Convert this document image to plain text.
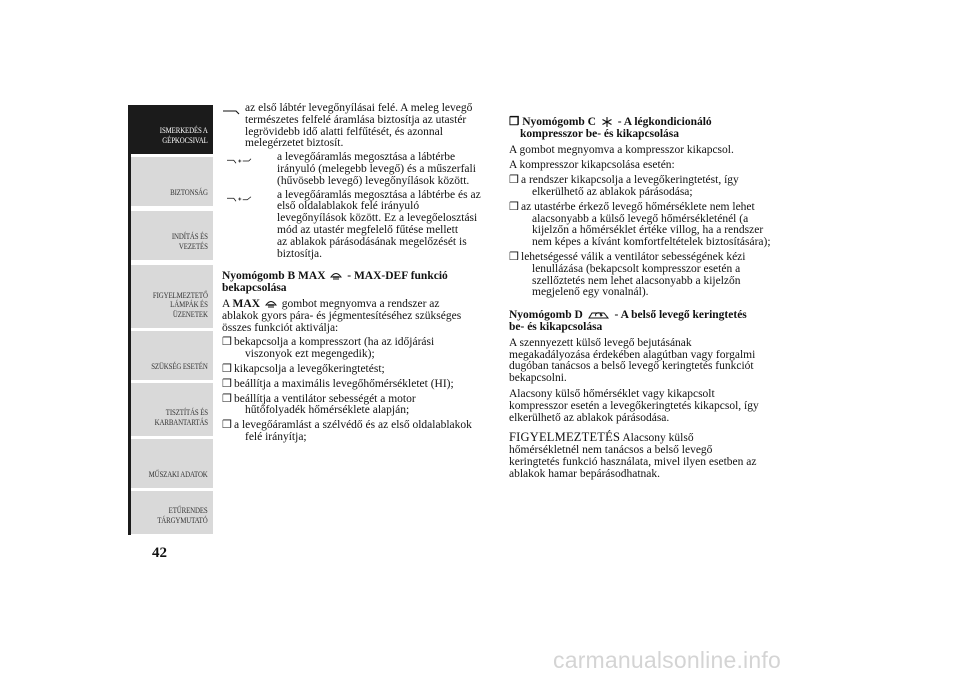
ISMERKEDÉS A
GÉPKOCSIVAL
BIZTONSÁG
INDÍTÁS ÉS
VEZETÉS
FIGYELMEZTETŐ
LÁMPÁK ÉS
ÜZENETEK
SZÜKSÉG ESETÉN
TISZTÍTÁS ÉS
KARBANTARTÁS
MŰSZAKI ADATOK
ETŰRENDES
TÁRGYMUTATÓ
42
az első lábtér levegőnyílásai felé. A meleg levegő
természetes felfelé áramlása biztosítja az utastér
legrövidebb idő alatti felfűtését, és azonnal
melegérzetet biztosít.
a levegőáramlás megosztása a lábtérbe
irányuló (melegebb levegő) és a műszerfali
(hűvösebb levegő) levegőnyílások között.
a levegőáramlás megosztása a lábtérbe és az
első oldalablakok felé irányuló
levegőnyílások között. Ez a levegőelosztási
mód az utastér megfelelő fűtése mellett
az ablakok párásodásának megelőzését is
biztosítja.

Nyomógomb B MAX - MAX-DEF funkció
bekapcsolása

A MAX gombot megnyomva a rendszer az
ablakok gyors pára- és jégmentesítéséhez szükséges
összes funkciót aktiválja:

❒ bekapcsolja a kompresszort (ha az időjárási
viszonyok ezt megengedik);
❒ kikapcsolja a levegőkeringtetést;
❒ beállítja a maximális levegőhőmérsékletet (HI);
❒ beállítja a ventilátor sebességét a motor
hűtőfolyadék hőmérséklete alapján;
❒ a levegőáramlást a szélvédő és az első oldalablakok
felé irányítja;

❒ Nyomógomb C - A légkondicionáló
kompresszor be- és kikapcsolása

A gombot megnyomva a kompresszor kikapcsol.

A kompresszor kikapcsolása esetén:

❒ a rendszer kikapcsolja a levegőkeringtetést, így
elkerülhető az ablakok párásodása;
❒ az utastérbe érkező levegő hőmérséklete nem lehet
alacsonyabb a külső levegő hőmérsékleténél (a
kijelzőn a hőmérséklet értéke villog, ha a rendszer
nem képes a kívánt komfortfeltételek biztosítására);
❒ lehetségessé válik a ventilátor sebességének kézi
lenullázása (bekapcsolt kompresszor esetén a
szellőztetés nem lehet alacsonyabb a kijelzőn
megjelenő egy vonalnál).

Nyomógomb D	- A belső levegő keringtetés
be- és kikapcsolása

A szennyezett külső levegő bejutásának
megakadályozása érdekében alagútban vagy forgalmi
dugóban tanácsos a belső levegő keringtetés funkciót
bekapcsolni.

Alacsony külső hőmérséklet vagy kikapcsolt
kompresszor esetén a levegőkeringtetés kikapcsol, így
elkerülhető az ablakok párásodása.

FIGYELMEZTETÉS Alacsony külső
hőmérsékletnél nem tanácsos a belső levegő
keringtetés funkció használata, mivel ilyen esetben az
ablakok hamar bepárásodhatnak.

carmanualsonline.info
